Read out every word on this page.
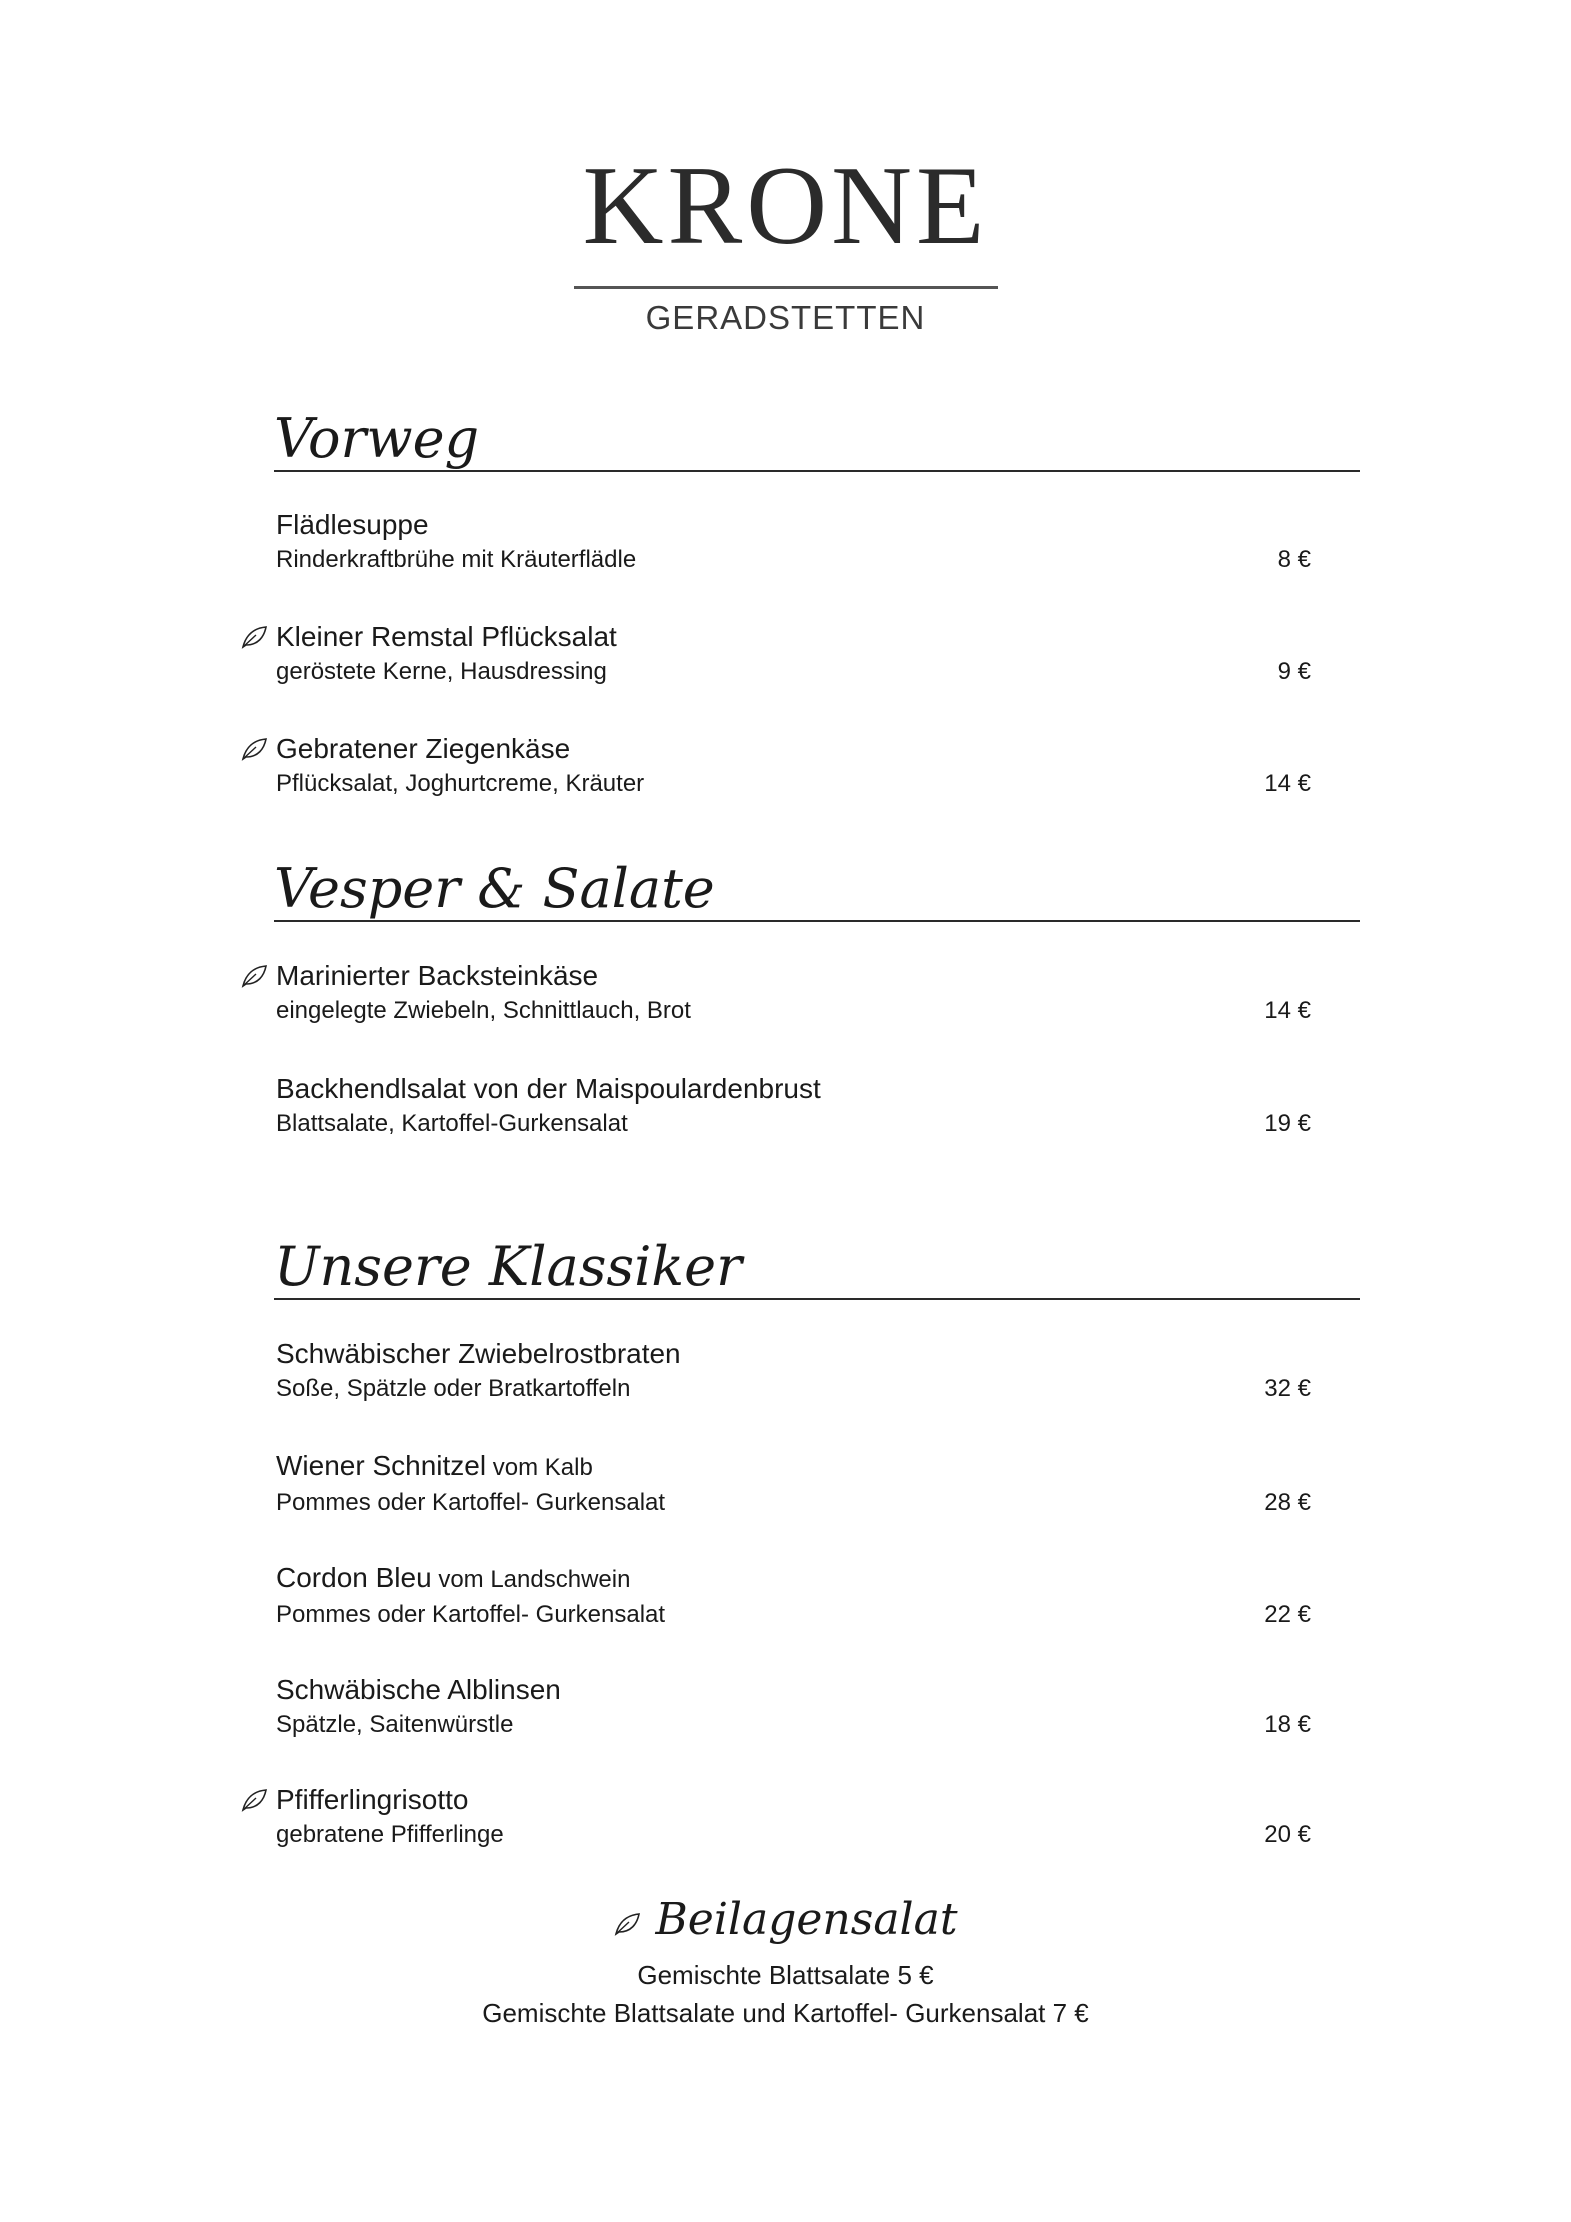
KRONE
GERADSTETTEN
Vorweg
Flädlesuppe
Rinderkraftbrühe mit Kräuterflädle	8 €
Kleiner Remstal Pflücksalat
geröstete Kerne, Hausdressing	9 €
Gebratener Ziegenkäse
Pflücksalat, Joghurtcreme, Kräuter	14 €
Vesper & Salate
Marinierter Backsteinkäse
eingelegte Zwiebeln, Schnittlauch, Brot	14 €
Backhendlsalat von der Maispoulardenbrust
Blattsalate, Kartoffel-Gurkensalat	19 €
Unsere Klassiker
Schwäbischer Zwiebelrostbraten
Soße, Spätzle oder Bratkartoffeln	32 €
Wiener Schnitzel vom Kalb
Pommes oder Kartoffel- Gurkensalat	28 €
Cordon Bleu vom Landschwein
Pommes oder Kartoffel- Gurkensalat	22 €
Schwäbische Alblinsen
Spätzle, Saitenwürstle	18 €
Pfifferlingrisotto
gebratene Pfifferlinge	20 €
Beilagensalat
Gemischte Blattsalate 5 €
Gemischte Blattsalate und Kartoffel- Gurkensalat 7 €
